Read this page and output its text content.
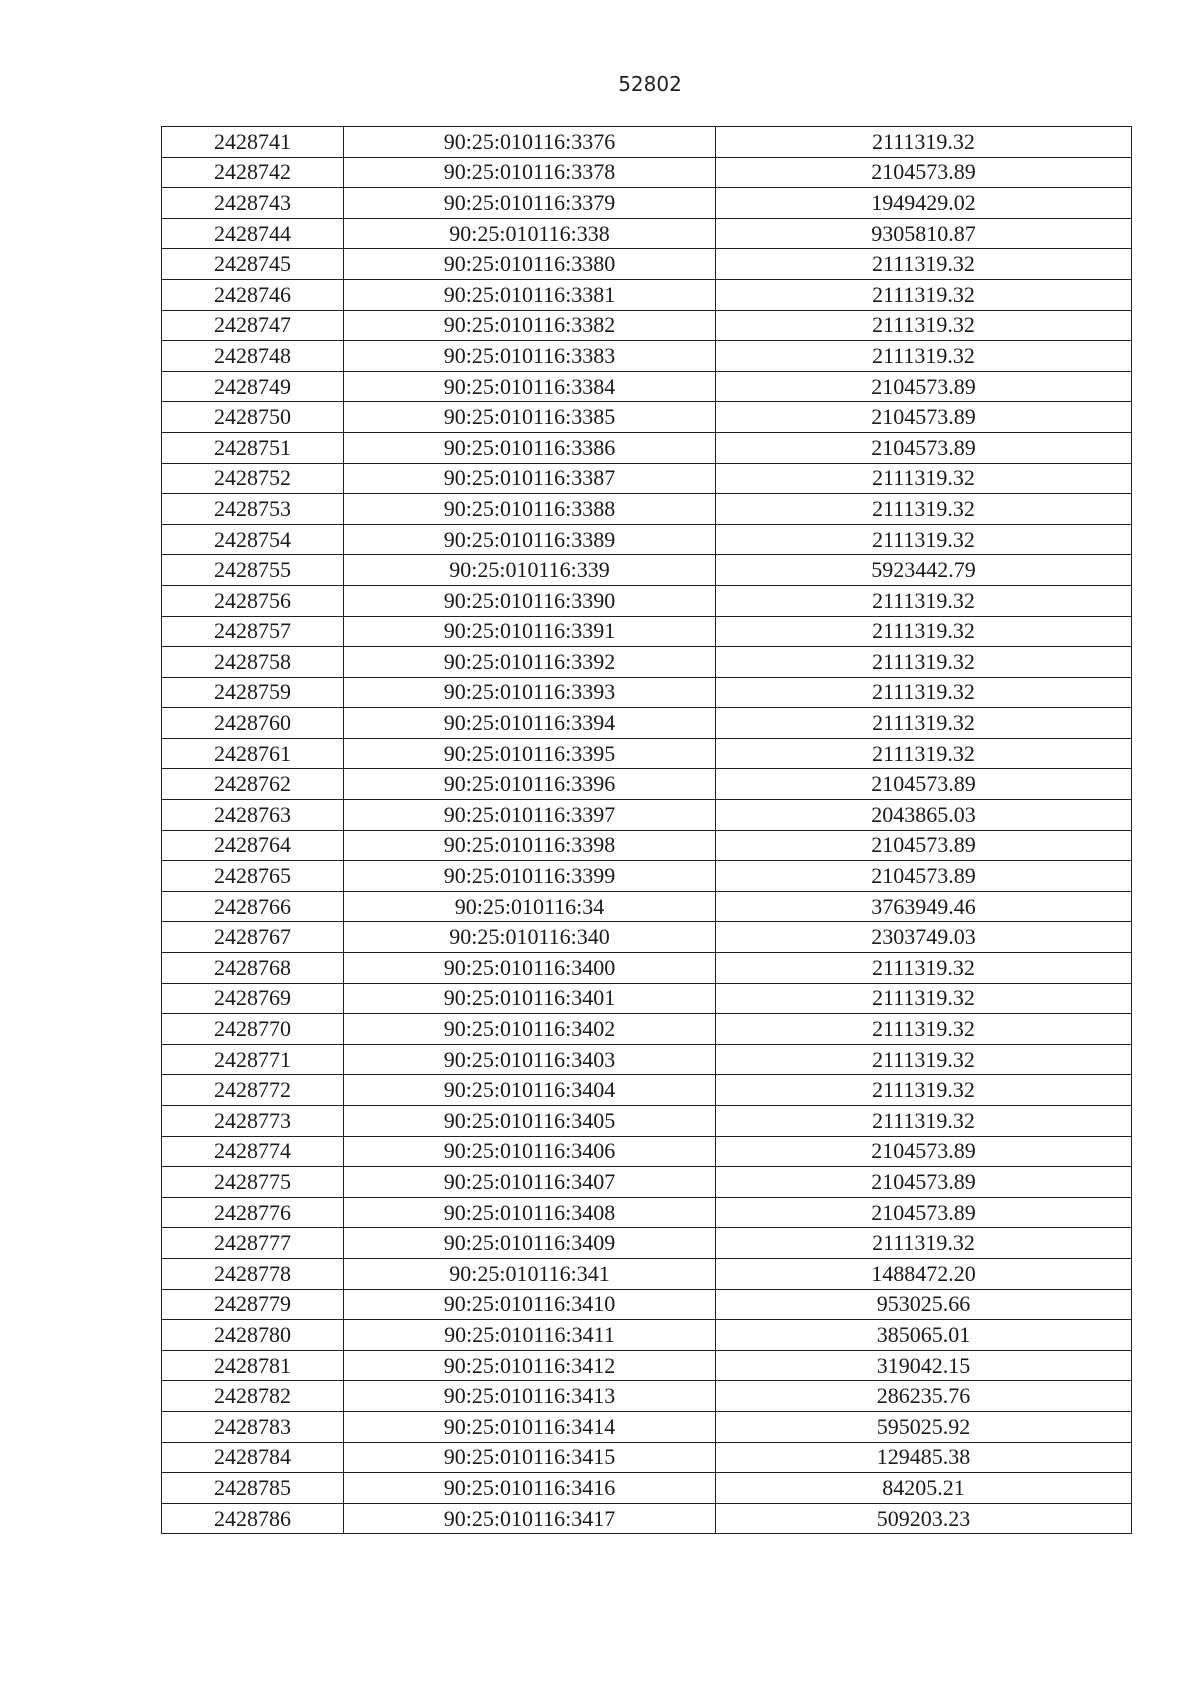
52802
2428741	90:25:010116:3376	2111319.32
2428742	90:25:010116:3378	2104573.89
2428743	90:25:010116:3379	1949429.02
2428744	90:25:010116:338	9305810.87
2428745	90:25:010116:3380	2111319.32
2428746	90:25:010116:3381	2111319.32
2428747	90:25:010116:3382	2111319.32
2428748	90:25:010116:3383	2111319.32
2428749	90:25:010116:3384	2104573.89
2428750	90:25:010116:3385	2104573.89
2428751	90:25:010116:3386	2104573.89
2428752	90:25:010116:3387	2111319.32
2428753	90:25:010116:3388	2111319.32
2428754	90:25:010116:3389	2111319.32
2428755	90:25:010116:339	5923442.79
2428756	90:25:010116:3390	2111319.32
2428757	90:25:010116:3391	2111319.32
2428758	90:25:010116:3392	2111319.32
2428759	90:25:010116:3393	2111319.32
2428760	90:25:010116:3394	2111319.32
2428761	90:25:010116:3395	2111319.32
2428762	90:25:010116:3396	2104573.89
2428763	90:25:010116:3397	2043865.03
2428764	90:25:010116:3398	2104573.89
2428765	90:25:010116:3399	2104573.89
2428766	90:25:010116:34	3763949.46
2428767	90:25:010116:340	2303749.03
2428768	90:25:010116:3400	2111319.32
2428769	90:25:010116:3401	2111319.32
2428770	90:25:010116:3402	2111319.32
2428771	90:25:010116:3403	2111319.32
2428772	90:25:010116:3404	2111319.32
2428773	90:25:010116:3405	2111319.32
2428774	90:25:010116:3406	2104573.89
2428775	90:25:010116:3407	2104573.89
2428776	90:25:010116:3408	2104573.89
2428777	90:25:010116:3409	2111319.32
2428778	90:25:010116:341	1488472.20
2428779	90:25:010116:3410	953025.66
2428780	90:25:010116:3411	385065.01
2428781	90:25:010116:3412	319042.15
2428782	90:25:010116:3413	286235.76
2428783	90:25:010116:3414	595025.92
2428784	90:25:010116:3415	129485.38
2428785	90:25:010116:3416	84205.21
2428786	90:25:010116:3417	509203.23
